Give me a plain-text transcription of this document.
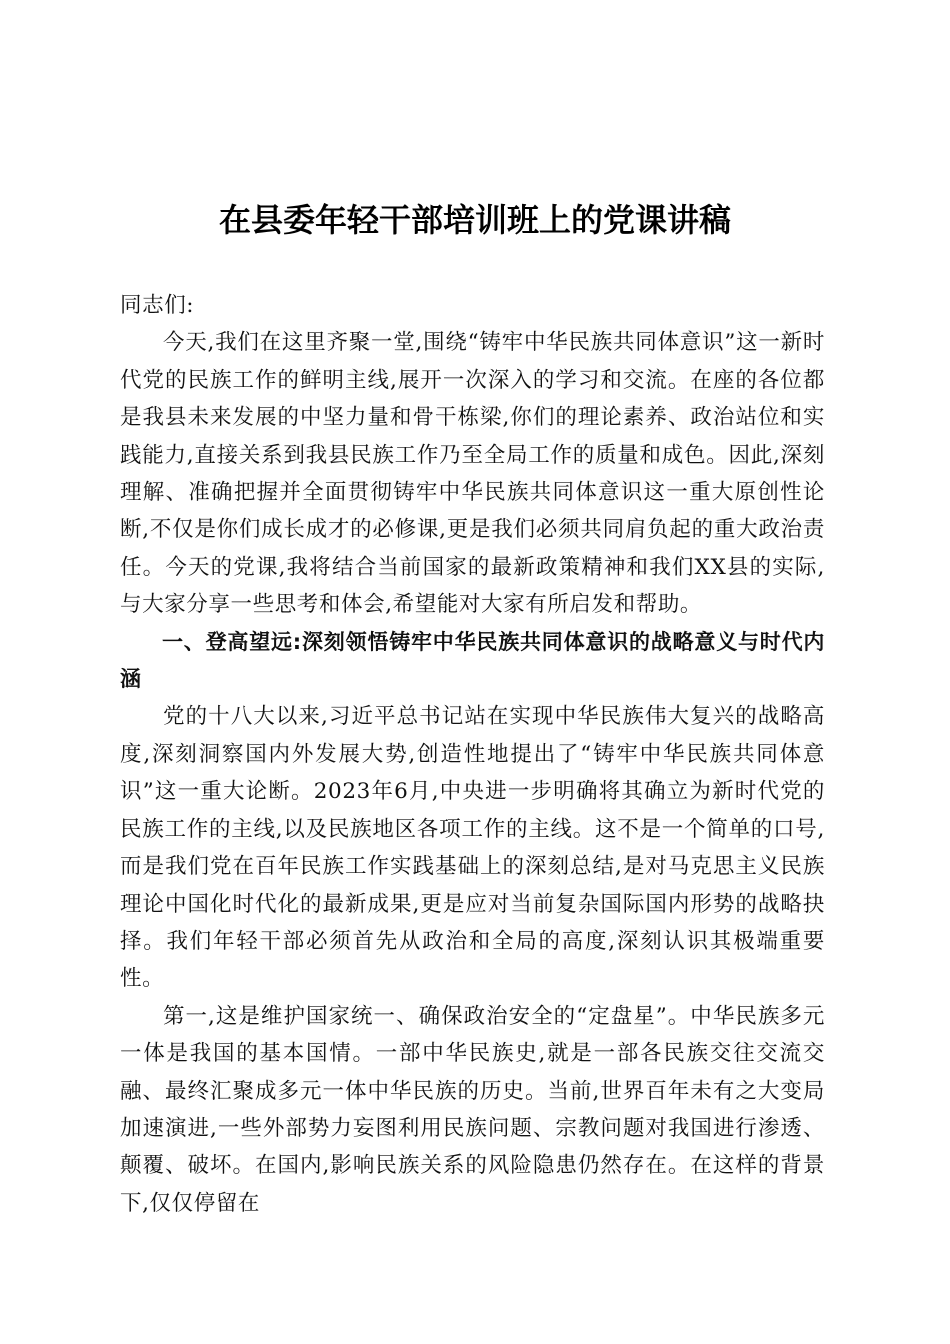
在县委年轻干部培训班上的党课讲稿

同志们:

今天,我们在这里齐聚一堂,围绕“铸牢中华民族共同体意识”这一新时代党的民族工作的鲜明主线,展开一次深入的学习和交流。在座的各位都是我县未来发展的中坚力量和骨干栋梁,你们的理论素养、政治站位和实践能力,直接关系到我县民族工作乃至全局工作的质量和成色。因此,深刻理解、准确把握并全面贯彻铸牢中华民族共同体意识这一重大原创性论断,不仅是你们成长成才的必修课,更是我们必须共同肩负起的重大政治责任。今天的党课,我将结合当前国家的最新政策精神和我们XX县的实际,与大家分享一些思考和体会,希望能对大家有所启发和帮助。

一、登高望远:深刻领悟铸牢中华民族共同体意识的战略意义与时代内涵

党的十八大以来,习近平总书记站在实现中华民族伟大复兴的战略高度,深刻洞察国内外发展大势,创造性地提出了“铸牢中华民族共同体意识”这一重大论断。2023年6月,中央进一步明确将其确立为新时代党的民族工作的主线,以及民族地区各项工作的主线。这不是一个简单的口号,而是我们党在百年民族工作实践基础上的深刻总结,是对马克思主义民族理论中国化时代化的最新成果,更是应对当前复杂国际国内形势的战略抉择。我们年轻干部必须首先从政治和全局的高度,深刻认识其极端重要性。

第一,这是维护国家统一、确保政治安全的“定盘星”。中华民族多元一体是我国的基本国情。一部中华民族史,就是一部各民族交往交流交融、最终汇聚成多元一体中华民族的历史。当前,世界百年未有之大变局加速演进,一些外部势力妄图利用民族问题、宗教问题对我国进行渗透、颠覆、破坏。在国内,影响民族关系的风险隐患仍然存在。在这样的背景下,仅仅停留在
